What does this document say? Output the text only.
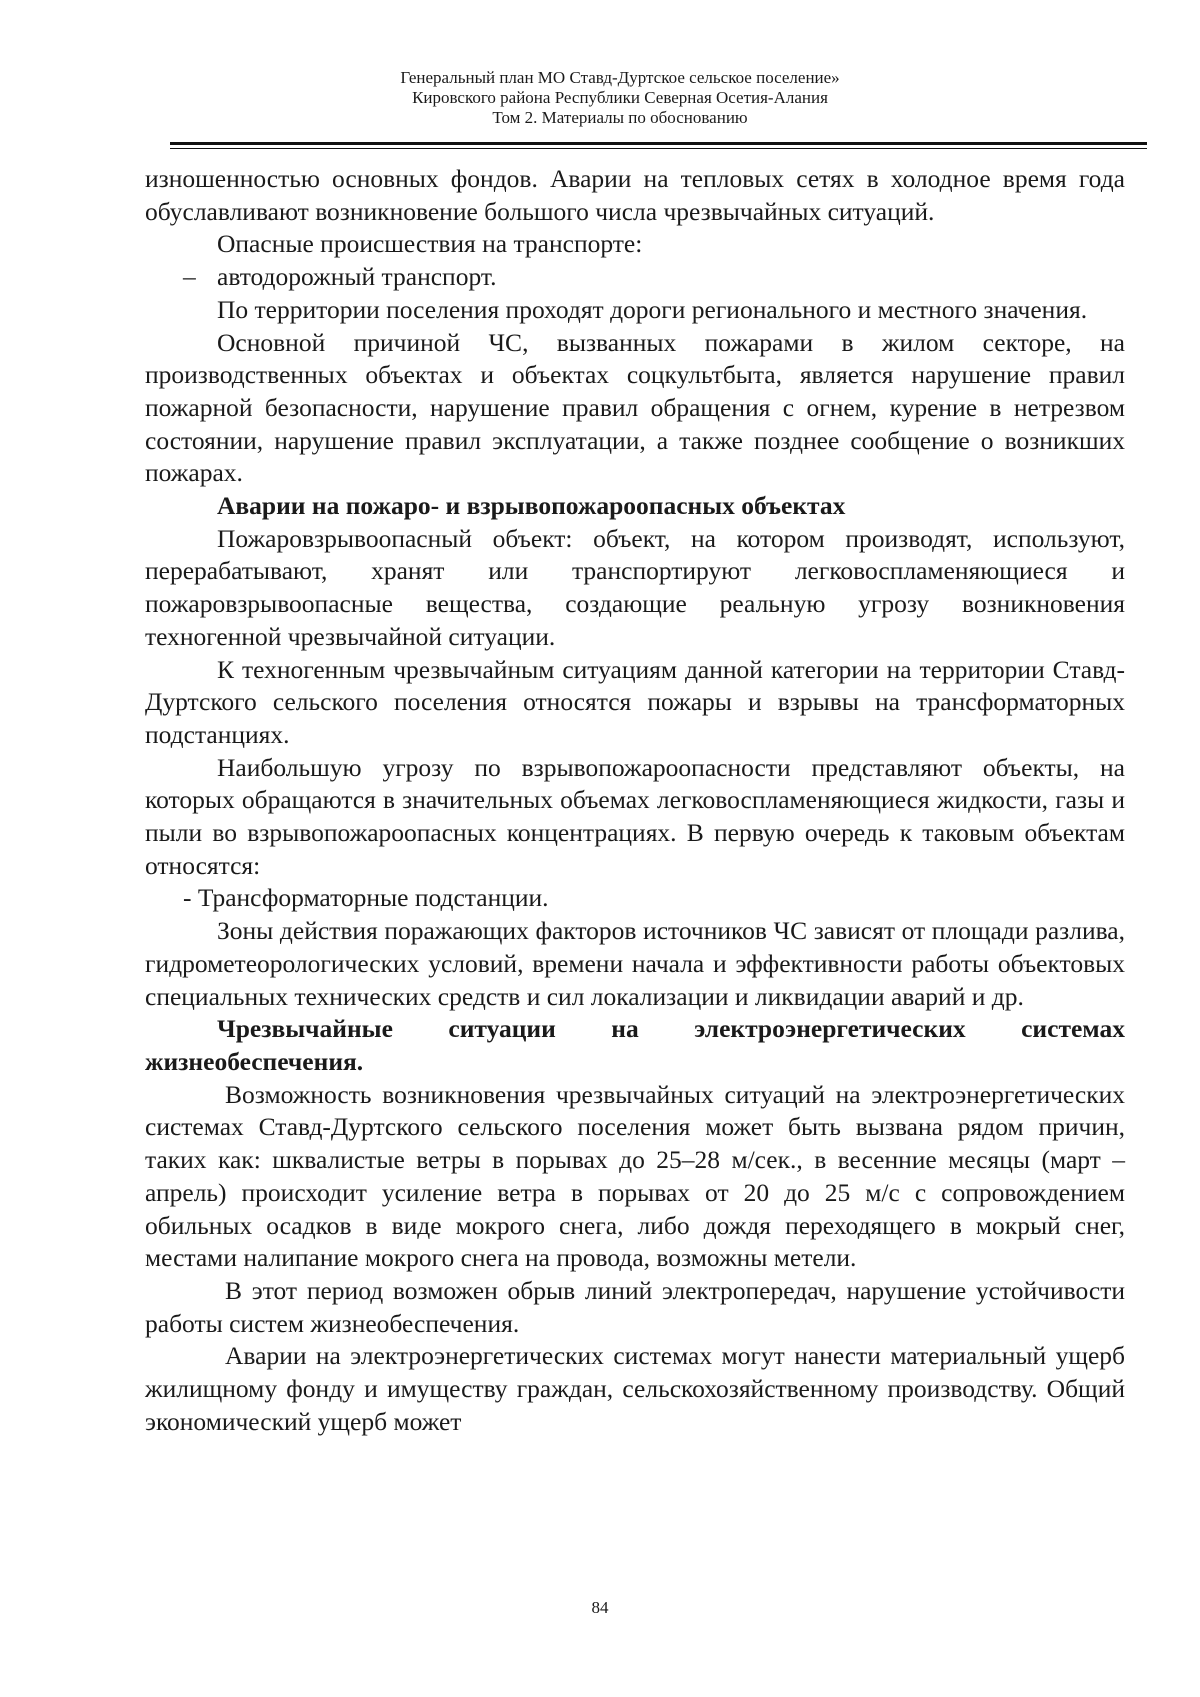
Генеральный план МО Ставд-Дуртское сельское поселение»
Кировского района Республики Северная Осетия-Алания
Том 2. Материалы по обоснованию

изношенностью основных фондов. Аварии на тепловых сетях в холодное время года обуславливают возникновение большого числа чрезвычайных ситуаций.

Опасные происшествия на транспорте:

– автодорожный транспорт.

По территории поселения проходят дороги регионального и местного значения.

Основной причиной ЧС, вызванных пожарами в жилом секторе, на производственных объектах и объектах соцкультбыта, является нарушение правил пожарной безопасности, нарушение правил обращения с огнем, курение в нетрезвом состоянии, нарушение правил эксплуатации, а также позднее сообщение о возникших пожарах.

Аварии на пожаро- и взрывопожароопасных объектах

Пожаровзрывоопасный объект: объект, на котором производят, используют, перерабатывают, хранят или транспортируют легковоспламеняющиеся и пожаровзрывоопасные вещества, создающие реальную угрозу возникновения техногенной чрезвычайной ситуации.

К техногенным чрезвычайным ситуациям данной категории на территории Ставд-Дуртского сельского поселения относятся пожары и взрывы на трансформаторных подстанциях.

Наибольшую угрозу по взрывопожароопасности представляют объекты, на которых обращаются в значительных объемах легковоспламеняющиеся жидкости, газы и пыли во взрывопожароопасных концентрациях. В первую очередь к таковым объектам относятся:

- Трансформаторные подстанции.

Зоны действия поражающих факторов источников ЧС зависят от площади разлива, гидрометеорологических условий, времени начала и эффективности работы объектовых специальных технических средств и сил локализации и ликвидации аварий и др.

Чрезвычайные ситуации на электроэнергетических системах жизнеобеспечения.

Возможность возникновения чрезвычайных ситуаций на электроэнергетических системах Ставд-Дуртского сельского поселения может быть вызвана рядом причин, таких как: шквалистые ветры в порывах до 25–28 м/сек., в весенние месяцы (март – апрель) происходит усиление ветра в порывах от 20 до 25 м/с с сопровождением обильных осадков в виде мокрого снега, либо дождя переходящего в мокрый снег, местами налипание мокрого снега на провода, возможны метели.

В этот период возможен обрыв линий электропередач, нарушение устойчивости работы систем жизнеобеспечения.

Аварии на электроэнергетических системах могут нанести материальный ущерб жилищному фонду и имуществу граждан, сельскохозяйственному производству. Общий экономический ущерб может

84
